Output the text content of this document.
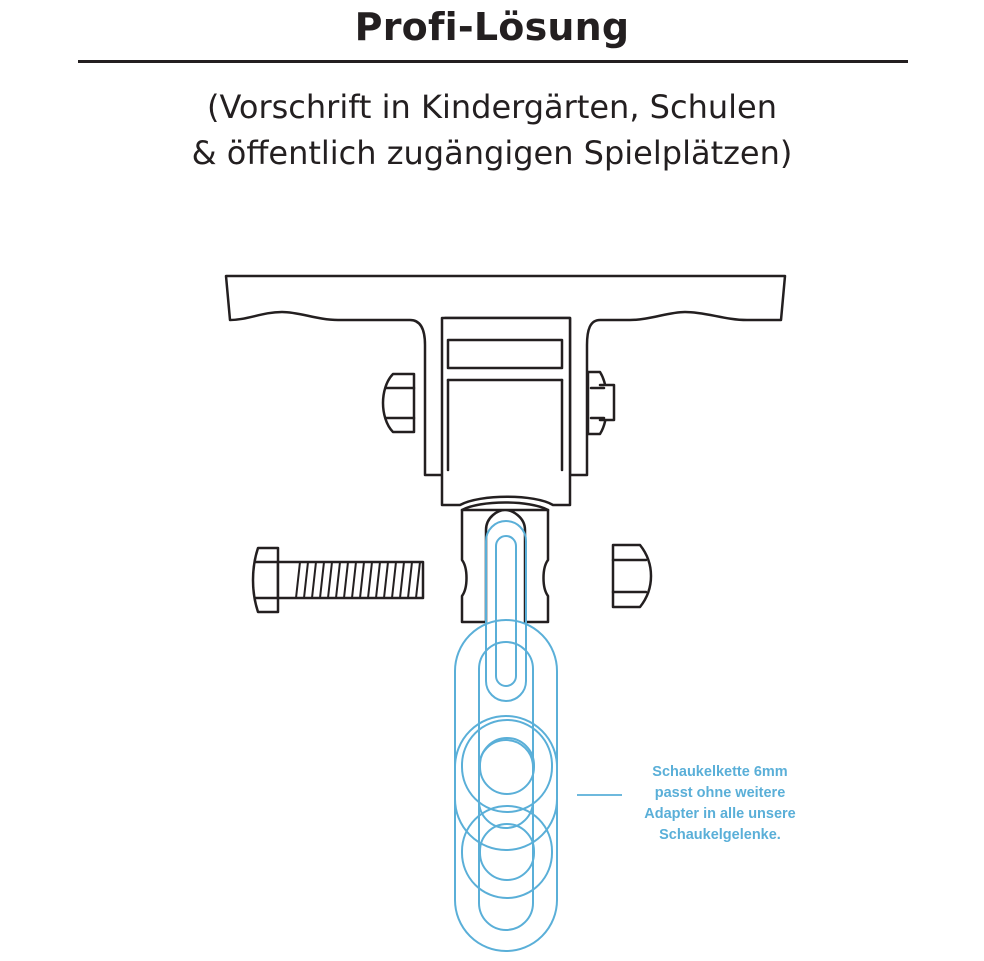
Profi-Lösung
(Vorschrift in Kindergärten, Schulen
& öffentlich zugängigen Spielplätzen)
Schaukelkette 6mm
passt ohne weitere
Adapter in alle unsere
Schaukelgelenke.
